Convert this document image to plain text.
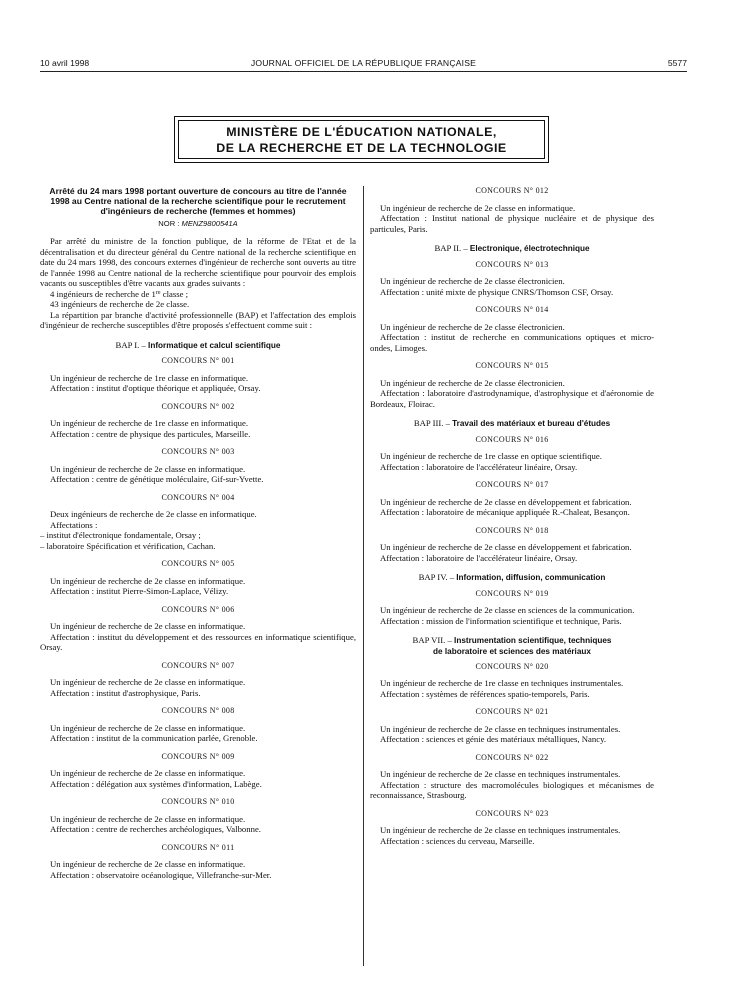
10 avril 1998	JOURNAL OFFICIEL DE LA RÉPUBLIQUE FRANÇAISE	5577
MINISTÈRE DE L'ÉDUCATION NATIONALE,
DE LA RECHERCHE ET DE LA TECHNOLOGIE

Arrêté du 24 mars 1998 portant ouverture de concours au titre de l'année 1998 au Centre national de la recherche scientifique pour le recrutement d'ingénieurs de recherche (femmes et hommes)

NOR : MENZ9800541A

Par arrêté du ministre de la fonction publique, de la réforme de l'Etat et de la décentralisation et du directeur général du Centre national de la recherche scientifique en date du 24 mars 1998, des concours externes d'ingénieur de recherche sont ouverts au titre de l'année 1998 au Centre national de la recherche scientifique pour pourvoir des emplois vacants ou susceptibles d'être vacants aux grades suivants :

4 ingénieurs de recherche de 1re classe ;

43 ingénieurs de recherche de 2e classe.

La répartition par branche d'activité professionnelle (BAP) et l'affectation des emplois d'ingénieur de recherche susceptibles d'être proposés s'effectuent comme suit :

BAP I. – Informatique et calcul scientifique
CONCOURS N° 001

Un ingénieur de recherche de 1re classe en informatique.

Affectation : institut d'optique théorique et appliquée, Orsay.

CONCOURS N° 002

Un ingénieur de recherche de 1re classe en informatique.

Affectation : centre de physique des particules, Marseille.

CONCOURS N° 003

Un ingénieur de recherche de 2e classe en informatique.

Affectation : centre de génétique moléculaire, Gif-sur-Yvette.

CONCOURS N° 004

Deux ingénieurs de recherche de 2e classe en informatique.

Affectations :

– institut d'électronique fondamentale, Orsay ;

– laboratoire Spécification et vérification, Cachan.

CONCOURS N° 005

Un ingénieur de recherche de 2e classe en informatique.

Affectation : institut Pierre-Simon-Laplace, Vélizy.

CONCOURS N° 006

Un ingénieur de recherche de 2e classe en informatique.

Affectation : institut du développement et des ressources en informatique scientifique, Orsay.

CONCOURS N° 007

Un ingénieur de recherche de 2e classe en informatique.

Affectation : institut d'astrophysique, Paris.

CONCOURS N° 008

Un ingénieur de recherche de 2e classe en informatique.

Affectation : institut de la communication parlée, Grenoble.

CONCOURS N° 009

Un ingénieur de recherche de 2e classe en informatique.

Affectation : délégation aux systèmes d'information, Labège.

CONCOURS N° 010

Un ingénieur de recherche de 2e classe en informatique.

Affectation : centre de recherches archéologiques, Valbonne.

CONCOURS N° 011

Un ingénieur de recherche de 2e classe en informatique.

Affectation : observatoire océanologique, Villefranche-sur-Mer.

CONCOURS N° 012

Un ingénieur de recherche de 2e classe en informatique.

Affectation : Institut national de physique nucléaire et de physique des particules, Paris.

BAP II. – Electronique, électrotechnique
CONCOURS N° 013

Un ingénieur de recherche de 2e classe électronicien.

Affectation : unité mixte de physique CNRS/Thomson CSF, Orsay.

CONCOURS N° 014

Un ingénieur de recherche de 2e classe électronicien.

Affectation : institut de recherche en communications optiques et micro-ondes, Limoges.

CONCOURS N° 015

Un ingénieur de recherche de 2e classe électronicien.

Affectation : laboratoire d'astrodynamique, d'astrophysique et d'aéronomie de Bordeaux, Floirac.

BAP III. – Travail des matériaux et bureau d'études
CONCOURS N° 016

Un ingénieur de recherche de 1re classe en optique scientifique.

Affectation : laboratoire de l'accélérateur linéaire, Orsay.

CONCOURS N° 017

Un ingénieur de recherche de 2e classe en développement et fabrication.

Affectation : laboratoire de mécanique appliquée R.-Chaleat, Besançon.

CONCOURS N° 018

Un ingénieur de recherche de 2e classe en développement et fabrication.

Affectation : laboratoire de l'accélérateur linéaire, Orsay.

BAP IV. – Information, diffusion, communication
CONCOURS N° 019

Un ingénieur de recherche de 2e classe en sciences de la communication.

Affectation : mission de l'information scientifique et technique, Paris.

BAP VII. – Instrumentation scientifique, techniques
de laboratoire et sciences des matériaux
CONCOURS N° 020

Un ingénieur de recherche de 1re classe en techniques instrumentales.

Affectation : systèmes de références spatio-temporels, Paris.

CONCOURS N° 021

Un ingénieur de recherche de 2e classe en techniques instrumentales.

Affectation : sciences et génie des matériaux métalliques, Nancy.

CONCOURS N° 022

Un ingénieur de recherche de 2e classe en techniques instrumentales.

Affectation : structure des macromolécules biologiques et mécanismes de reconnaissance, Strasbourg.

CONCOURS N° 023

Un ingénieur de recherche de 2e classe en techniques instrumentales.

Affectation : sciences du cerveau, Marseille.
